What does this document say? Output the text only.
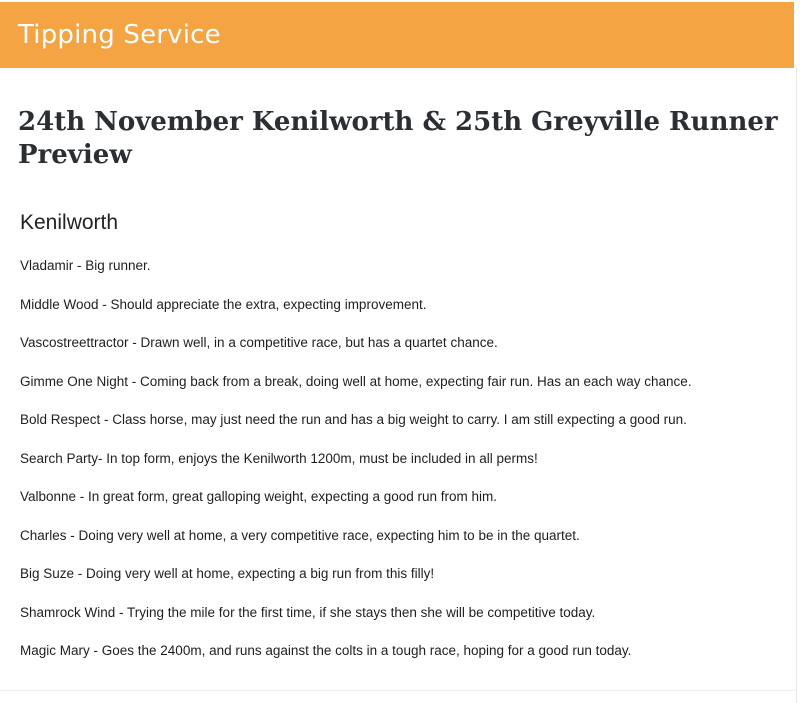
Tipping Service
24th November Kenilworth & 25th Greyville Runner Preview
Kenilworth
Vladamir - Big runner.
Middle Wood - Should appreciate the extra, expecting improvement.
Vascostreettractor - Drawn well, in a competitive race, but has a quartet chance.
Gimme One Night - Coming back from a break, doing well at home, expecting fair run. Has an each way chance.
Bold Respect - Class horse, may just need the run and has a big weight to carry. I am still expecting a good run.
Search Party- In top form, enjoys the Kenilworth 1200m, must be included in all perms!
Valbonne - In great form, great galloping weight, expecting a good run from him.
Charles - Doing very well at home, a very competitive race, expecting him to be in the quartet.
Big Suze - Doing very well at home, expecting a big run from this filly!
Shamrock Wind - Trying the mile for the first time, if she stays then she will be competitive today.
Magic Mary - Goes the 2400m, and runs against the colts in a tough race, hoping for a good run today.
